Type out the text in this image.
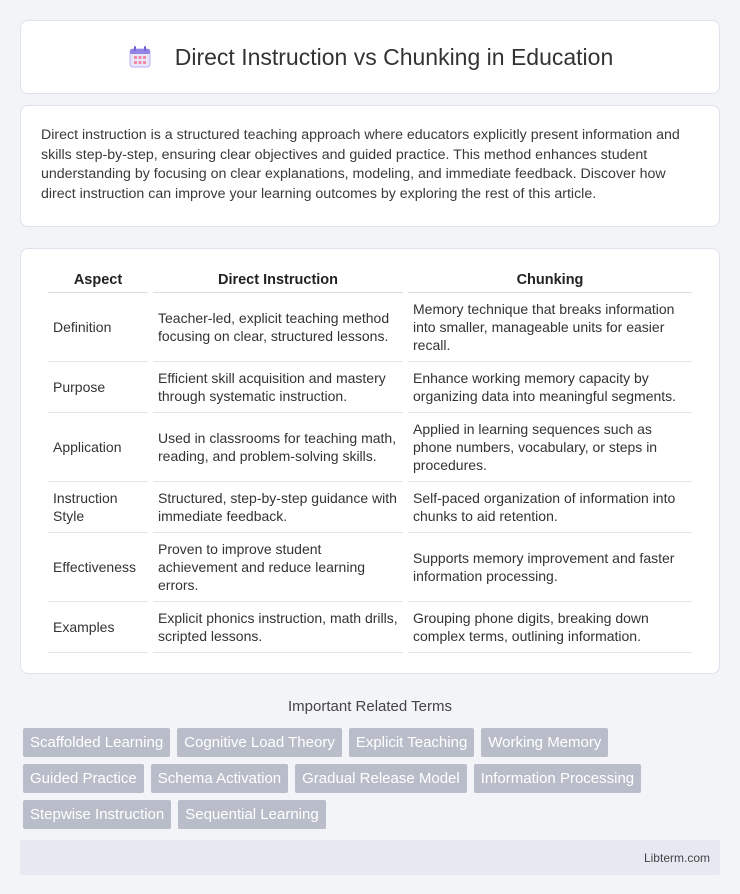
Direct Instruction vs Chunking in Education

Direct instruction is a structured teaching approach where educators explicitly present information and skills step-by-step, ensuring clear objectives and guided practice. This method enhances student understanding by focusing on clear explanations, modeling, and immediate feedback. Discover how direct instruction can improve your learning outcomes by exploring the rest of this article.

Aspect	Direct Instruction	Chunking
Definition	Teacher-led, explicit teaching method focusing on clear, structured lessons.	Memory technique that breaks information into smaller, manageable units for easier recall.
Purpose	Efficient skill acquisition and mastery through systematic instruction.	Enhance working memory capacity by organizing data into meaningful segments.
Application	Used in classrooms for teaching math, reading, and problem-solving skills.	Applied in learning sequences such as phone numbers, vocabulary, or steps in procedures.
Instruction Style	Structured, step-by-step guidance with immediate feedback.	Self-paced organization of information into chunks to aid retention.
Effectiveness	Proven to improve student achievement and reduce learning errors.	Supports memory improvement and faster information processing.
Examples	Explicit phonics instruction, math drills, scripted lessons.	Grouping phone digits, breaking down complex terms, outlining information.
Important Related Terms
Scaffolded Learning	Cognitive Load Theory	Explicit Teaching	Working Memory
Guided Practice	Schema Activation	Gradual Release Model	Information Processing
Stepwise Instruction	Sequential Learning
Libterm.com
